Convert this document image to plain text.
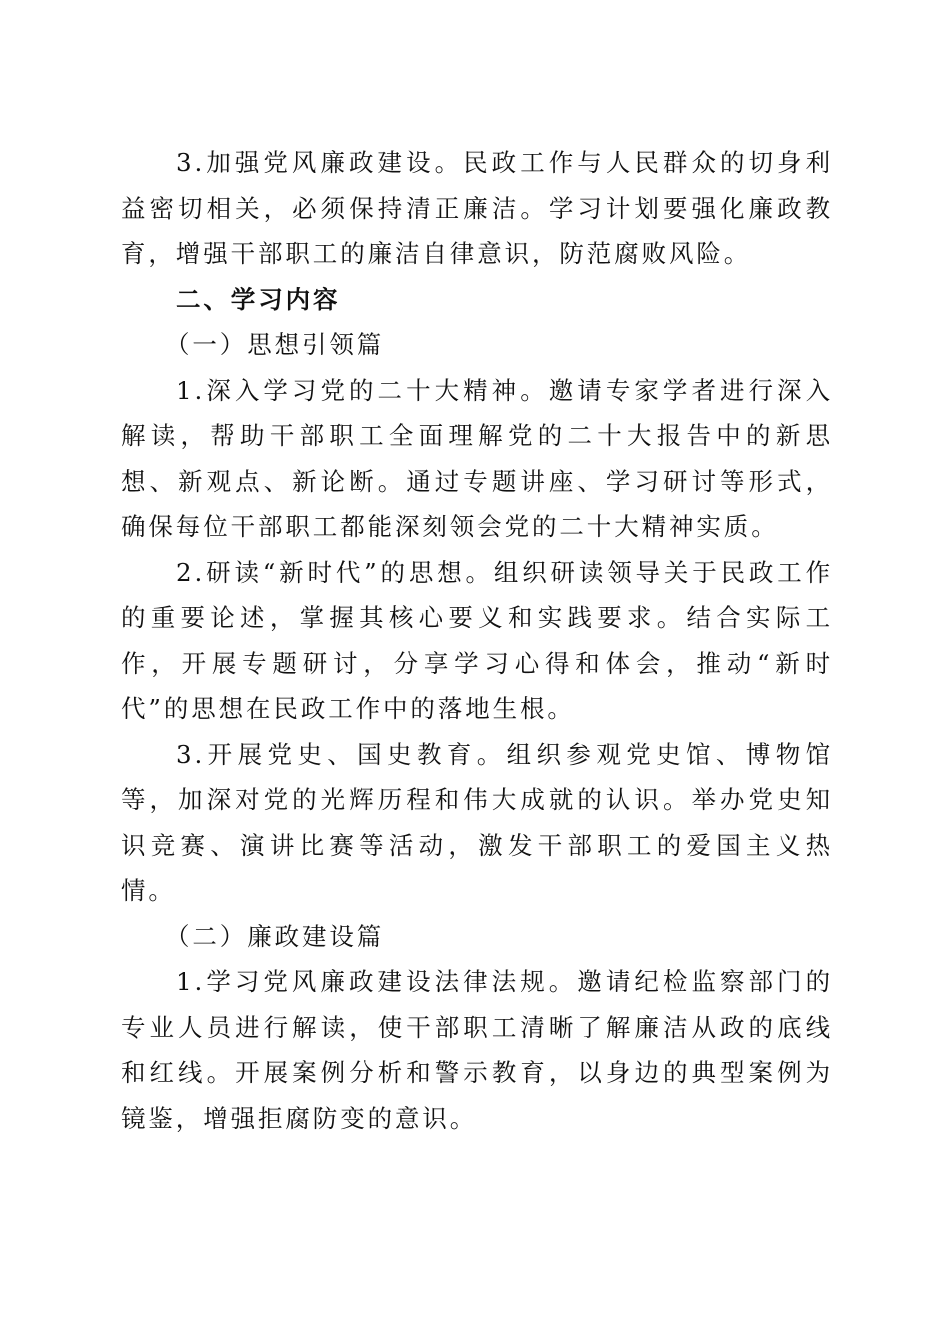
3.加强党风廉政建设。民政工作与人民群众的切身利益密切相关，必须保持清正廉洁。学习计划要强化廉政教育，增强干部职工的廉洁自律意识，防范腐败风险。

二、学习内容

（一）思想引领篇

1.深入学习党的二十大精神。邀请专家学者进行深入解读，帮助干部职工全面理解党的二十大报告中的新思想、新观点、新论断。通过专题讲座、学习研讨等形式，确保每位干部职工都能深刻领会党的二十大精神实质。

2.研读“新时代”的思想。组织研读领导关于民政工作的重要论述，掌握其核心要义和实践要求。结合实际工作，开展专题研讨，分享学习心得和体会，推动“新时代”的思想在民政工作中的落地生根。

3.开展党史、国史教育。组织参观党史馆、博物馆等，加深对党的光辉历程和伟大成就的认识。举办党史知识竞赛、演讲比赛等活动，激发干部职工的爱国主义热情。

（二）廉政建设篇

1.学习党风廉政建设法律法规。邀请纪检监察部门的专业人员进行解读，使干部职工清晰了解廉洁从政的底线和红线。开展案例分析和警示教育，以身边的典型案例为镜鉴，增强拒腐防变的意识。
